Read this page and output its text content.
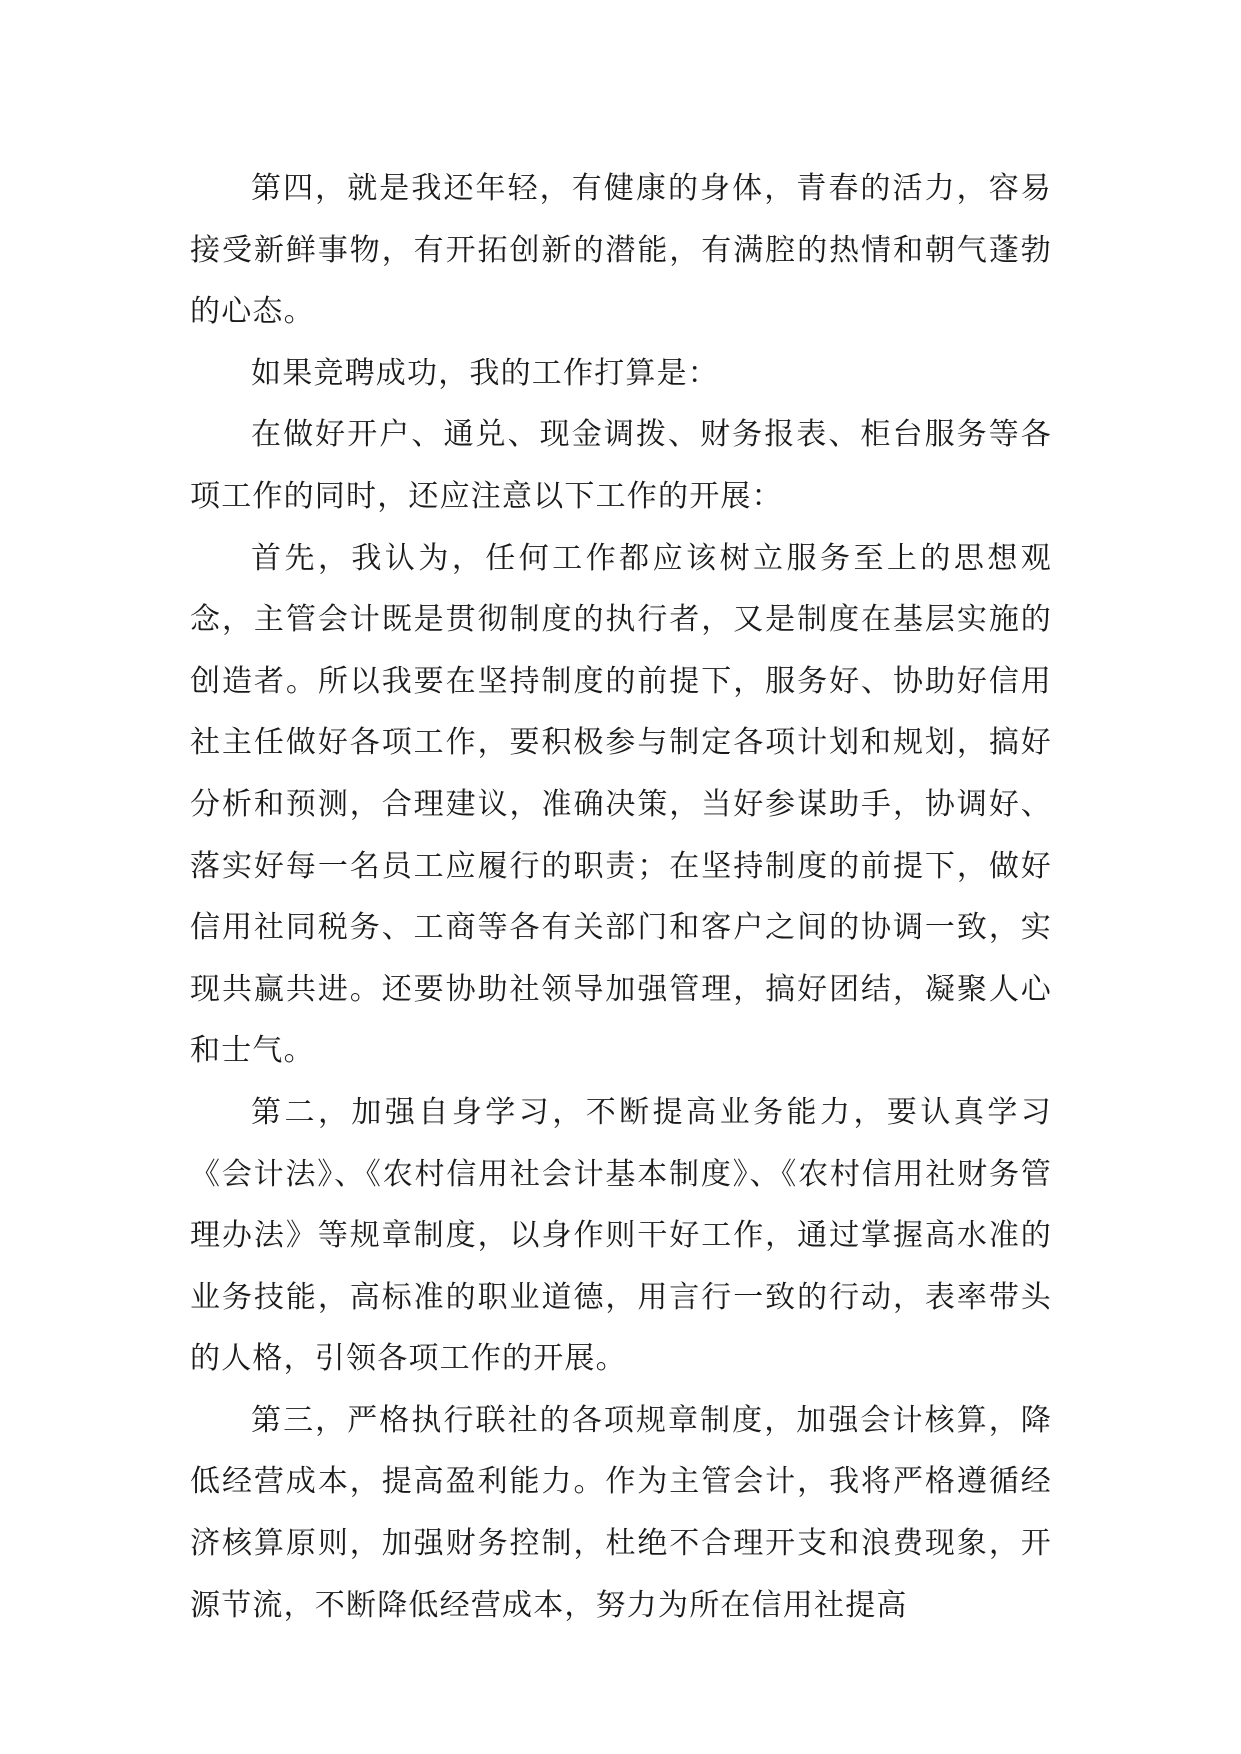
第四，就是我还年轻，有健康的身体，青春的活力，容易接受新鲜事物，有开拓创新的潜能，有满腔的热情和朝气蓬勃的心态。

如果竞聘成功，我的工作打算是：

在做好开户、通兑、现金调拨、财务报表、柜台服务等各项工作的同时，还应注意以下工作的开展：

首先，我认为，任何工作都应该树立服务至上的思想观念，主管会计既是贯彻制度的执行者，又是制度在基层实施的创造者。所以我要在坚持制度的前提下，服务好、协助好信用社主任做好各项工作，要积极参与制定各项计划和规划，搞好分析和预测，合理建议，准确决策，当好参谋助手，协调好、落实好每一名员工应履行的职责；在坚持制度的前提下，做好信用社同税务、工商等各有关部门和客户之间的协调一致，实现共赢共进。还要协助社领导加强管理，搞好团结，凝聚人心和士气。

第二，加强自身学习，不断提高业务能力，要认真学习《会计法》、《农村信用社会计基本制度》、《农村信用社财务管理办法》等规章制度，以身作则干好工作，通过掌握高水准的业务技能，高标准的职业道德，用言行一致的行动，表率带头的人格，引领各项工作的开展。

第三，严格执行联社的各项规章制度，加强会计核算，降低经营成本，提高盈利能力。作为主管会计，我将严格遵循经济核算原则，加强财务控制，杜绝不合理开支和浪费现象，开源节流，不断降低经营成本，努力为所在信用社提高
